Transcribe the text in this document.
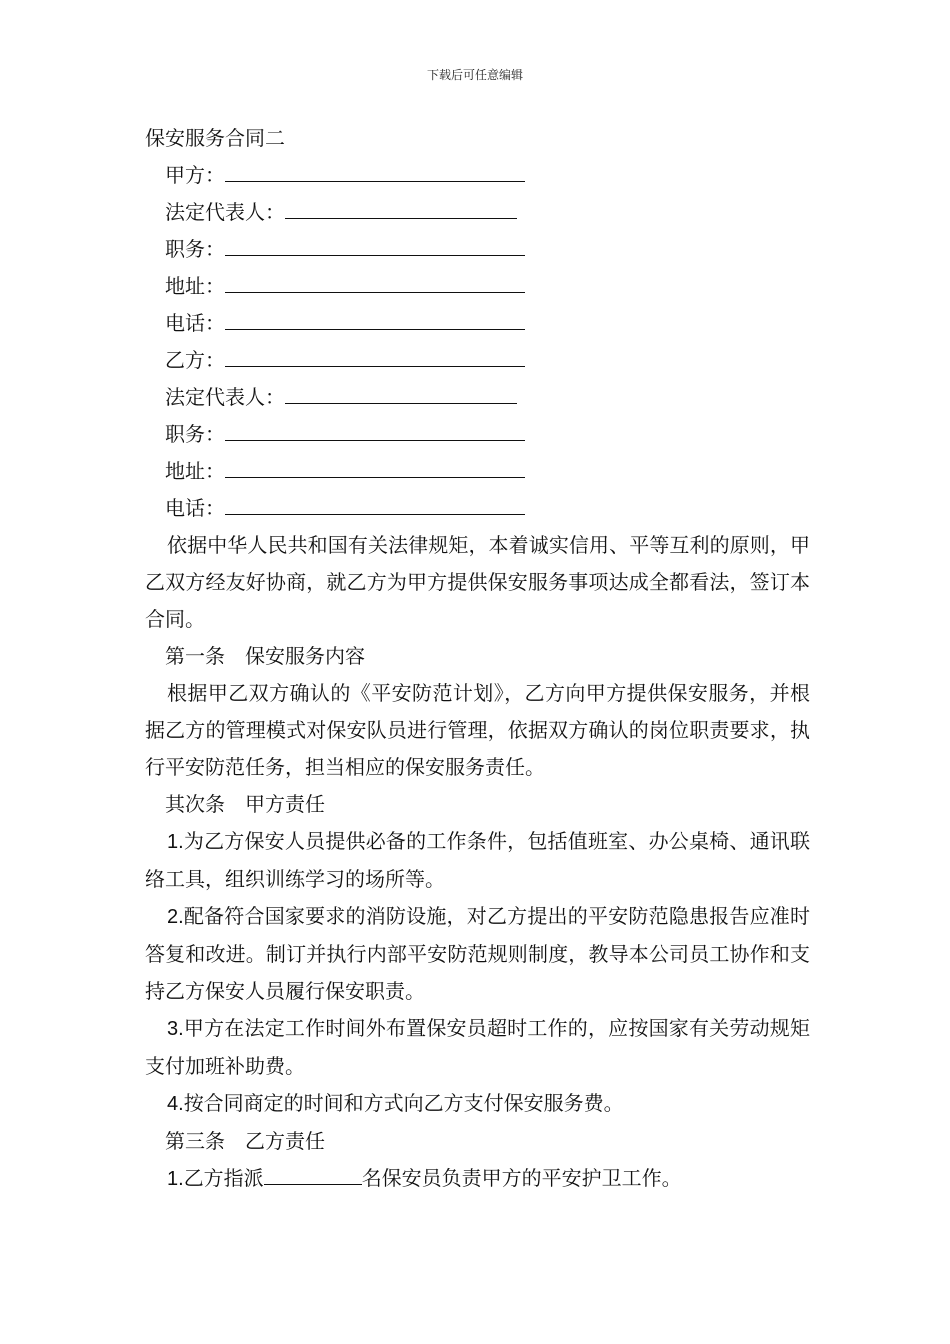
下载后可任意编辑
保安服务合同二
甲方：
法定代表人：
职务：
地址：
电话：
乙方：
法定代表人：
职务：
地址：
电话：

依据中华人民共和国有关法律规矩，本着诚实信用、平等互利的原则，甲乙双方经友好协商，就乙方为甲方提供保安服务事项达成全都看法，签订本合同。

第一条　保安服务内容

根据甲乙双方确认的《平安防范计划》，乙方向甲方提供保安服务，并根据乙方的管理模式对保安队员进行管理，依据双方确认的岗位职责要求，执行平安防范任务，担当相应的保安服务责任。

其次条　甲方责任

1.为乙方保安人员提供必备的工作条件，包括值班室、办公桌椅、通讯联络工具，组织训练学习的场所等。

2.配备符合国家要求的消防设施，对乙方提出的平安防范隐患报告应准时答复和改进。制订并执行内部平安防范规则制度，教导本公司员工协作和支持乙方保安人员履行保安职责。

3.甲方在法定工作时间外布置保安员超时工作的，应按国家有关劳动规矩支付加班补助费。

4.按合同商定的时间和方式向乙方支付保安服务费。

第三条　乙方责任

1.乙方指派	名保安员负责甲方的平安护卫工作。
